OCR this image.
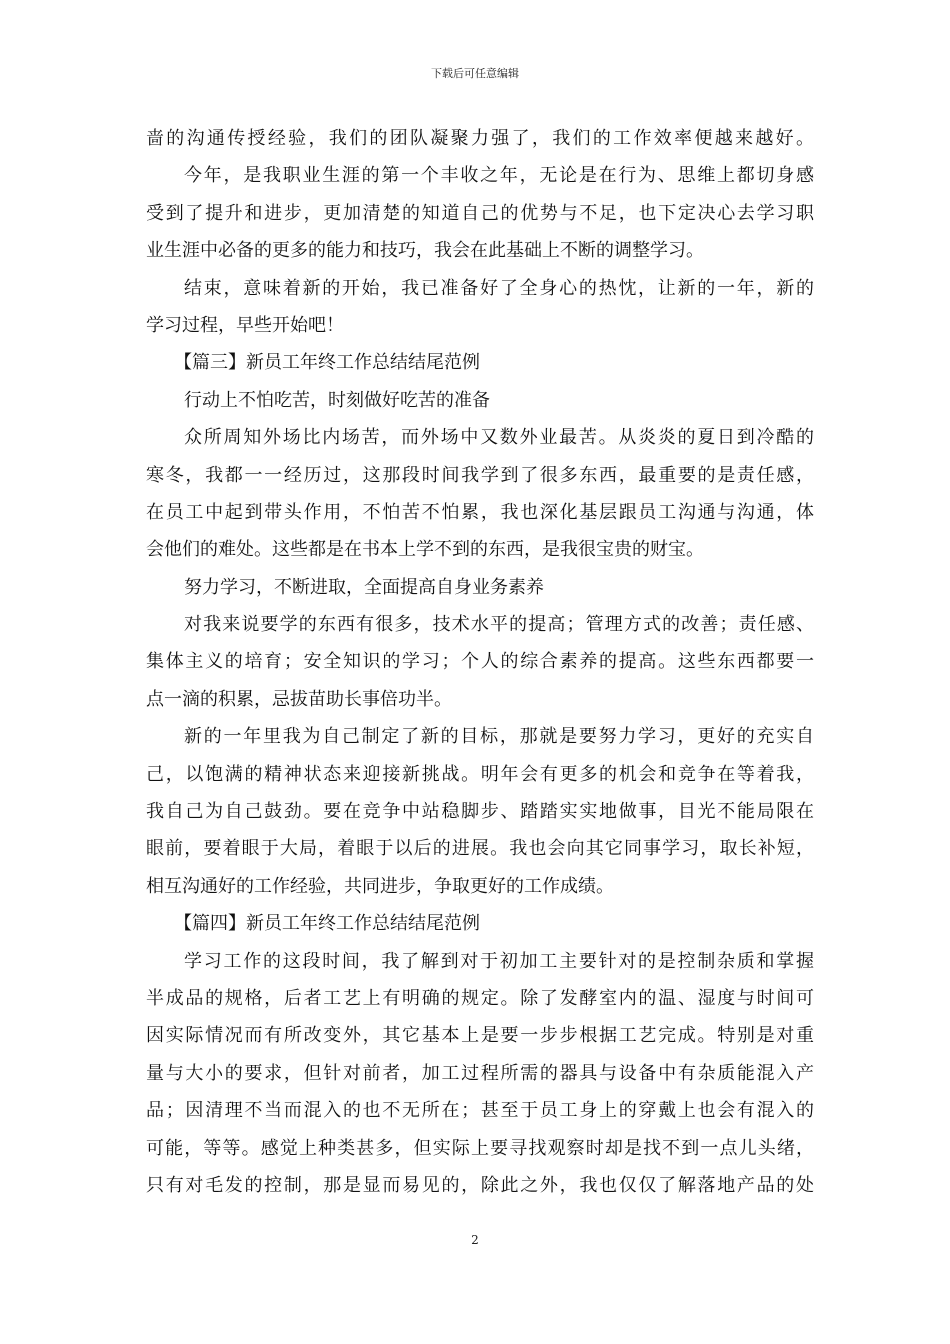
下载后可任意编辑
啬的沟通传授经验，我们的团队凝聚力强了，我们的工作效率便越来越好。
今年，是我职业生涯的第一个丰收之年，无论是在行为、思维上都切身感
受到了提升和进步，更加清楚的知道自己的优势与不足，也下定决心去学习职
业生涯中必备的更多的能力和技巧，我会在此基础上不断的调整学习。
结束，意味着新的开始，我已准备好了全身心的热忱，让新的一年，新的
学习过程，早些开始吧！
【篇三】新员工年终工作总结结尾范例
行动上不怕吃苦，时刻做好吃苦的准备
众所周知外场比内场苦，而外场中又数外业最苦。从炎炎的夏日到冷酷的
寒冬，我都一一经历过，这那段时间我学到了很多东西，最重要的是责任感，
在员工中起到带头作用，不怕苦不怕累，我也深化基层跟员工沟通与沟通，体
会他们的难处。这些都是在书本上学不到的东西，是我很宝贵的财宝。
努力学习，不断进取，全面提高自身业务素养
对我来说要学的东西有很多，技术水平的提高；管理方式的改善；责任感、
集体主义的培育；安全知识的学习；个人的综合素养的提高。这些东西都要一
点一滴的积累，忌拔苗助长事倍功半。
新的一年里我为自己制定了新的目标，那就是要努力学习，更好的充实自
己，以饱满的精神状态来迎接新挑战。明年会有更多的机会和竞争在等着我，
我自己为自己鼓劲。要在竞争中站稳脚步、踏踏实实地做事，目光不能局限在
眼前，要着眼于大局，着眼于以后的进展。我也会向其它同事学习，取长补短，
相互沟通好的工作经验，共同进步，争取更好的工作成绩。
【篇四】新员工年终工作总结结尾范例
学习工作的这段时间，我了解到对于初加工主要针对的是控制杂质和掌握
半成品的规格，后者工艺上有明确的规定。除了发酵室内的温、湿度与时间可
因实际情况而有所改变外，其它基本上是要一步步根据工艺完成。特别是对重
量与大小的要求，但针对前者，加工过程所需的器具与设备中有杂质能混入产
品；因清理不当而混入的也不无所在；甚至于员工身上的穿戴上也会有混入的
可能，等等。感觉上种类甚多，但实际上要寻找观察时却是找不到一点儿头绪，
只有对毛发的控制，那是显而易见的，除此之外，我也仅仅了解落地产品的处
2
